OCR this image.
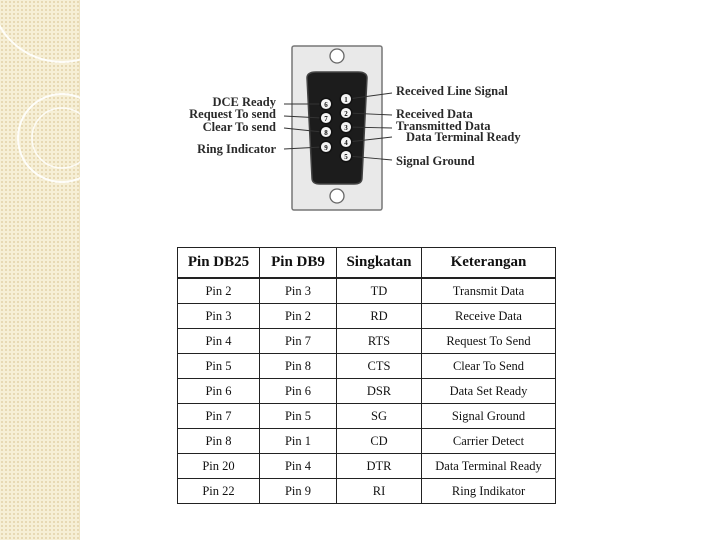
1
2
3
4
5
6
7
8
9
DCE Ready
Request To send
Clear To send
Ring Indicator
Received Line Signal
Received Data
Transmitted Data
Data Terminal Ready
Signal Ground
Pin DB25	Pin DB9	Singkatan	Keterangan
Pin 2	Pin 3	TD	Transmit Data
Pin 3	Pin 2	RD	Receive Data
Pin 4	Pin 7	RTS	Request To Send
Pin 5	Pin 8	CTS	Clear To Send
Pin 6	Pin 6	DSR	Data Set Ready
Pin 7	Pin 5	SG	Signal Ground
Pin 8	Pin 1	CD	Carrier Detect
Pin 20	Pin 4	DTR	Data Terminal Ready
Pin 22	Pin 9	RI	Ring Indikator
